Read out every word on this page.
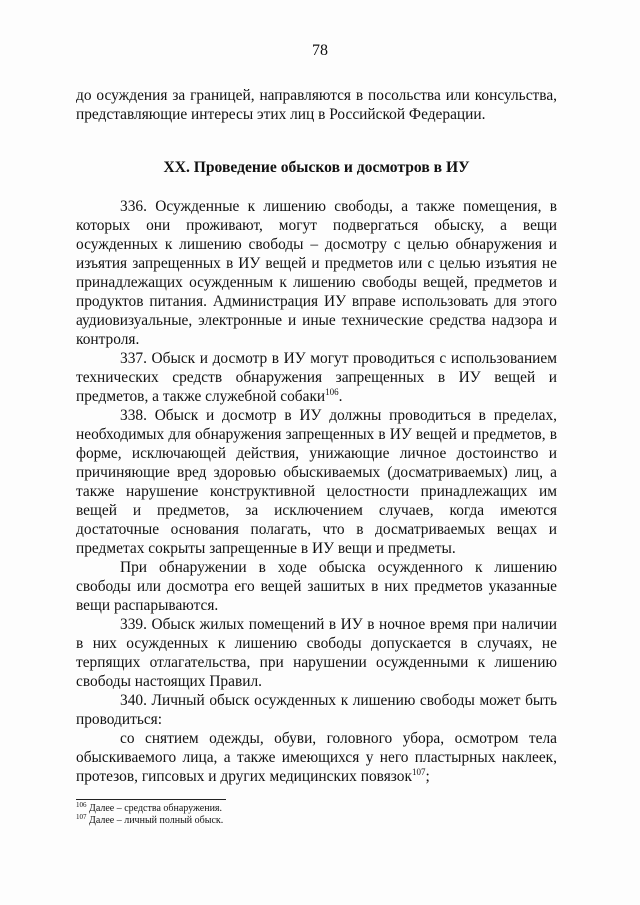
78

до осуждения за границей, направляются в посольства или консульства, представляющие интересы этих лиц в Российской Федерации.

XX. Проведение обысков и досмотров в ИУ

336. Осужденные к лишению свободы, а также помещения, в которых они проживают, могут подвергаться обыску, а вещи осужденных к лишению свободы – досмотру с целью обнаружения и изъятия запрещенных в ИУ вещей и предметов или с целью изъятия не принадлежащих осужденным к лишению свободы вещей, предметов и продуктов питания. Администрация ИУ вправе использовать для этого аудиовизуальные, электронные и иные технические средства надзора и контроля.

337. Обыск и досмотр в ИУ могут проводиться с использованием технических средств обнаружения запрещенных в ИУ вещей и предметов, а также служебной собаки$^{106}$.

338. Обыск и досмотр в ИУ должны проводиться в пределах, необходимых для обнаружения запрещенных в ИУ вещей и предметов, в форме, исключающей действия, унижающие личное достоинство и причиняющие вред здоровью обыскиваемых (досматриваемых) лиц, а также нарушение конструктивной целостности принадлежащих им вещей и предметов, за исключением случаев, когда имеются достаточные основания полагать, что в досматриваемых вещах и предметах сокрыты запрещенные в ИУ вещи и предметы.

При обнаружении в ходе обыска осужденного к лишению свободы или досмотра его вещей зашитых в них предметов указанные вещи распарываются.

339. Обыск жилых помещений в ИУ в ночное время при наличии в них осужденных к лишению свободы допускается в случаях, не терпящих отлагательства, при нарушении осужденными к лишению свободы настоящих Правил.

340. Личный обыск осужденных к лишению свободы может быть проводиться:

со снятием одежды, обуви, головного убора, осмотром тела обыскиваемого лица, а также имеющихся у него пластырных наклеек, протезов, гипсовых и других медицинских повязок$^{107}$;

$^{106}$ Далее – средства обнаружения.
$^{107}$ Далее – личный полный обыск.
